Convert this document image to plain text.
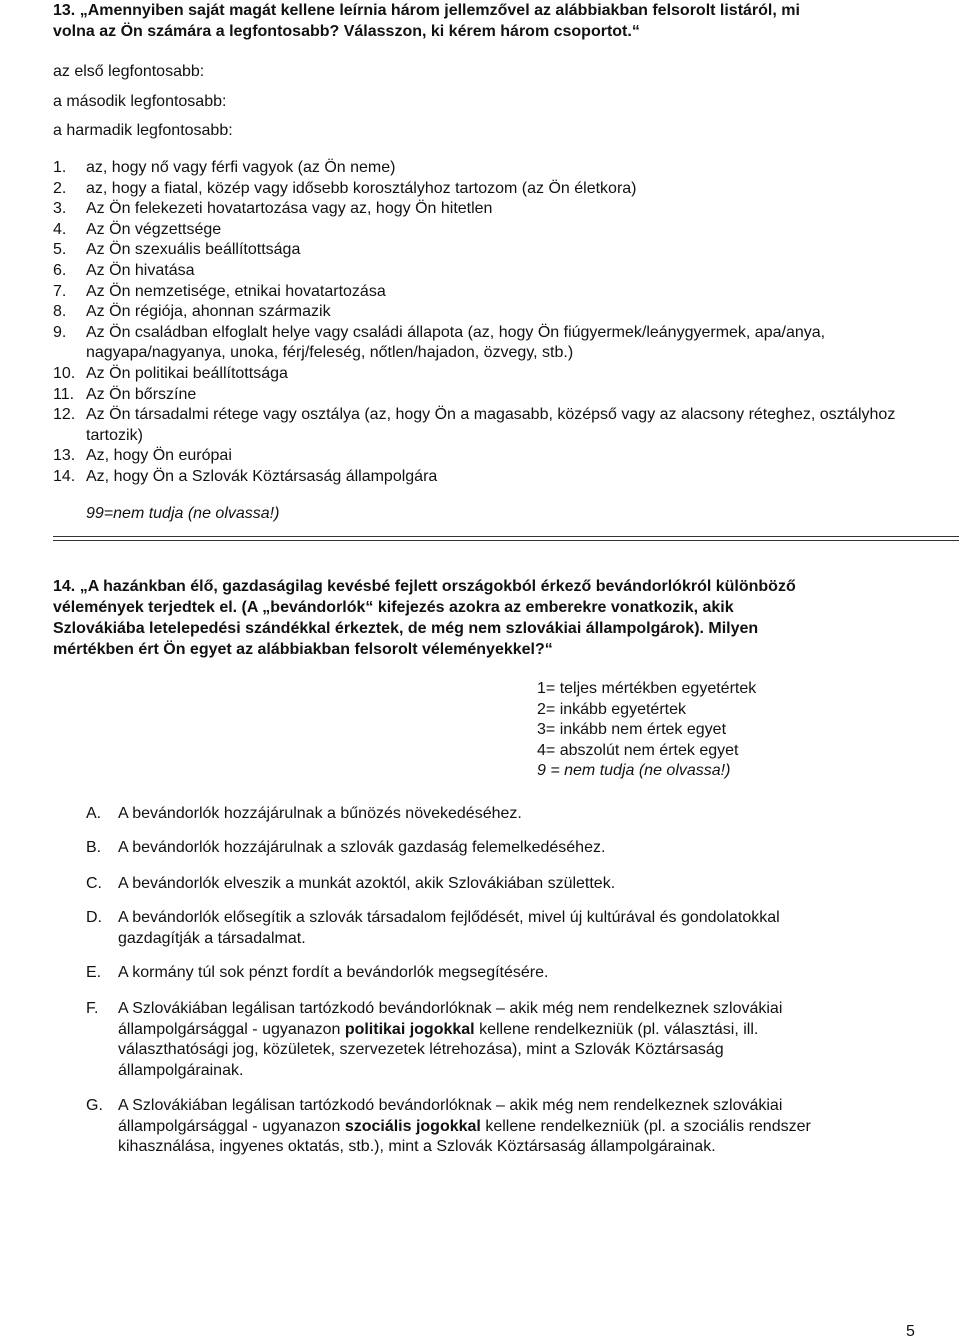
13. „Amennyiben saját magát kellene leírnia három jellemzővel az alábbiakban felsorolt listáról, mi
volna az Ön számára a legfontosabb? Válasszon, ki kérem három csoportot.“
az első legfontosabb:
a második legfontosabb:
a harmadik legfontosabb:
1. az, hogy nő vagy férfi vagyok (az Ön neme)
2. az, hogy a fiatal, közép vagy idősebb korosztályhoz tartozom (az Ön életkora)
3. Az Ön felekezeti hovatartozása vagy az, hogy Ön hitetlen
4. Az Ön végzettsége
5. Az Ön szexuális beállítottsága
6. Az Ön hivatása
7. Az Ön nemzetisége, etnikai hovatartozása
8. Az Ön régiója, ahonnan származik
9. Az Ön családban elfoglalt helye vagy családi állapota (az, hogy Ön fiúgyermek/leánygyermek, apa/anya, nagyapa/nagyanya, unoka, férj/feleség, nőtlen/hajadon, özvegy, stb.)
10. Az Ön politikai beállítottsága
11. Az Ön bőrszíne
12. Az Ön társadalmi rétege vagy osztálya (az, hogy Ön a magasabb, középső vagy az alacsony réteghez, osztályhoz tartozik)
13. Az, hogy Ön európai
14. Az, hogy Ön a Szlovák Köztársaság állampolgára
99=nem tudja (ne olvassa!)
14. „A hazánkban élő, gazdaságilag kevésbé fejlett országokból érkező bevándorlókról különböző
vélemények terjedtek el. (A „bevándorlók“ kifejezés azokra az emberekre vonatkozik, akik
Szlovákiába letelepedési szándékkal érkeztek, de még nem szlovákiai állampolgárok). Milyen
mértékben ért Ön egyet az alábbiakban felsorolt véleményekkel?“
1= teljes mértékben egyetértek
2= inkább egyetértek
3= inkább nem értek egyet
4= abszolút nem értek egyet
9 = nem tudja (ne olvassa!)
A. A bevándorlók hozzájárulnak a bűnözés növekedéséhez.
B. A bevándorlók hozzájárulnak a szlovák gazdaság felemelkedéséhez.
C. A bevándorlók elveszik a munkát azoktól, akik Szlovákiában születtek.
D. A bevándorlók elősegítik a szlovák társadalom fejlődését, mivel új kultúrával és gondolatokkal
gazdagítják a társadalmat.
E. A kormány túl sok pénzt fordít a bevándorlók megsegítésére.
F. A Szlovákiában legálisan tartózkodó bevándorlóknak – akik még nem rendelkeznek szlovákiai
állampolgársággal - ugyanazon politikai jogokkal kellene rendelkezniük (pl. választási, ill.
választhatósági jog, közületek, szervezetek létrehozása), mint a Szlovák Köztársaság
állampolgárainak.
G. A Szlovákiában legálisan tartózkodó bevándorlóknak – akik még nem rendelkeznek szlovákiai
állampolgársággal - ugyanazon szociális jogokkal kellene rendelkezniük (pl. a szociális rendszer
kihasználása, ingyenes oktatás, stb.), mint a Szlovák Köztársaság állampolgárainak.
5
